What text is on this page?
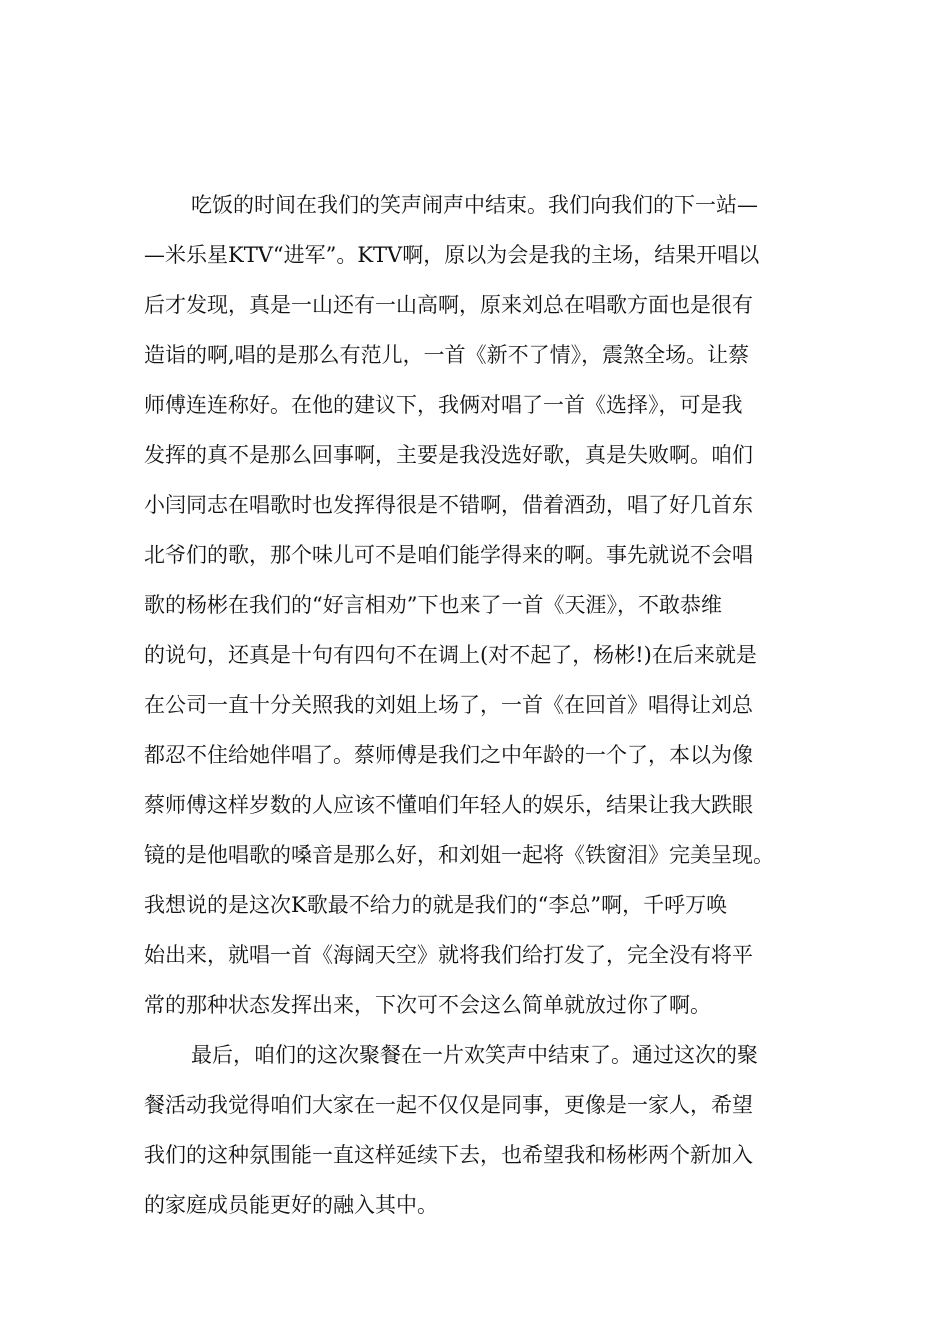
吃饭的时间在我们的笑声闹声中结束。我们向我们的下一站—
—米乐星KTV“进军”。KTV啊，原以为会是我的主场，结果开唱以
后才发现，真是一山还有一山高啊，原来刘总在唱歌方面也是很有
造诣的啊,唱的是那么有范儿，一首《新不了情》，震煞全场。让蔡
师傅连连称好。在他的建议下，我俩对唱了一首《选择》，可是我
发挥的真不是那么回事啊，主要是我没选好歌，真是失败啊。咱们
小闫同志在唱歌时也发挥得很是不错啊，借着酒劲，唱了好几首东
北爷们的歌，那个味儿可不是咱们能学得来的啊。事先就说不会唱
歌的杨彬在我们的“好言相劝”下也来了一首《天涯》，不敢恭维
的说句，还真是十句有四句不在调上(对不起了，杨彬!)在后来就是
在公司一直十分关照我的刘姐上场了，一首《在回首》唱得让刘总
都忍不住给她伴唱了。蔡师傅是我们之中年龄的一个了，本以为像
蔡师傅这样岁数的人应该不懂咱们年轻人的娱乐，结果让我大跌眼
镜的是他唱歌的嗓音是那么好，和刘姐一起将《铁窗泪》完美呈现。
我想说的是这次K歌最不给力的就是我们的“李总”啊，千呼万唤
始出来，就唱一首《海阔天空》就将我们给打发了，完全没有将平
常的那种状态发挥出来，下次可不会这么简单就放过你了啊。
最后，咱们的这次聚餐在一片欢笑声中结束了。通过这次的聚
餐活动我觉得咱们大家在一起不仅仅是同事，更像是一家人，希望
我们的这种氛围能一直这样延续下去，也希望我和杨彬两个新加入
的家庭成员能更好的融入其中。
